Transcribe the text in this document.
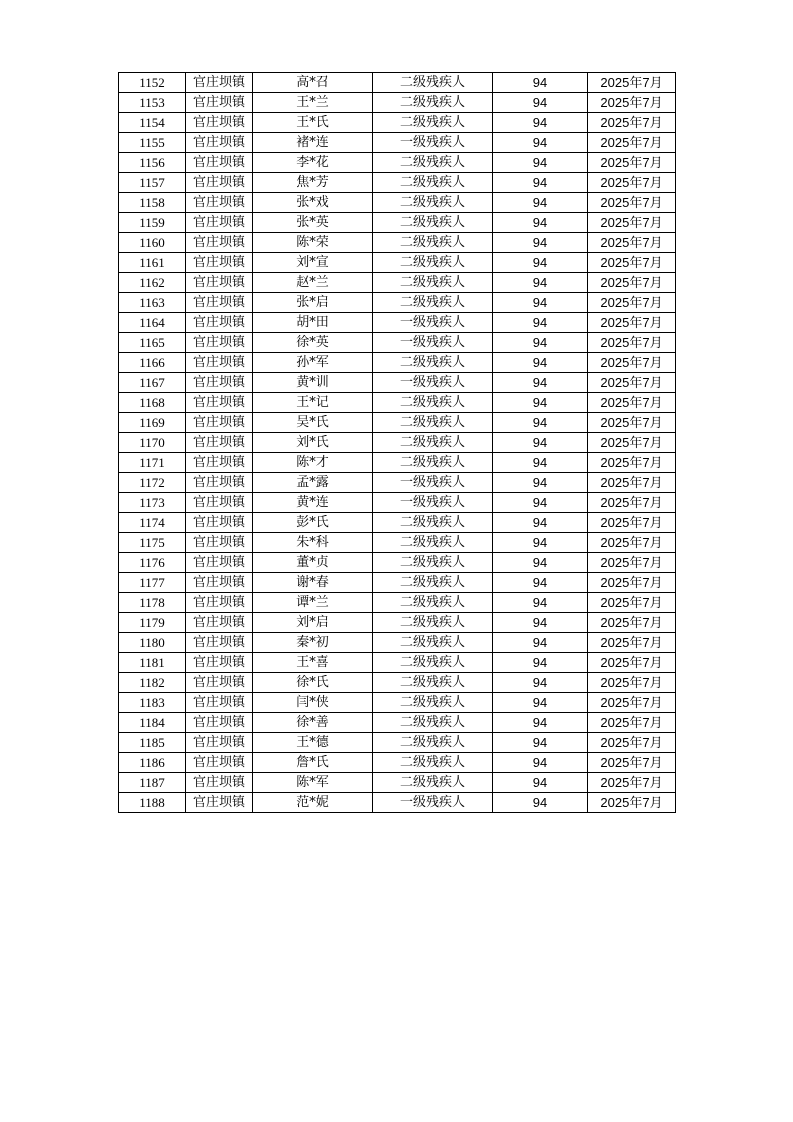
1152	官庄坝镇	高*召	二级残疾人	94	2025年7月
1153	官庄坝镇	王*兰	二级残疾人	94	2025年7月
1154	官庄坝镇	王*氏	二级残疾人	94	2025年7月
1155	官庄坝镇	褚*连	一级残疾人	94	2025年7月
1156	官庄坝镇	李*花	二级残疾人	94	2025年7月
1157	官庄坝镇	焦*芳	二级残疾人	94	2025年7月
1158	官庄坝镇	张*戏	二级残疾人	94	2025年7月
1159	官庄坝镇	张*英	二级残疾人	94	2025年7月
1160	官庄坝镇	陈*荣	二级残疾人	94	2025年7月
1161	官庄坝镇	刘*宣	二级残疾人	94	2025年7月
1162	官庄坝镇	赵*兰	二级残疾人	94	2025年7月
1163	官庄坝镇	张*启	二级残疾人	94	2025年7月
1164	官庄坝镇	胡*田	一级残疾人	94	2025年7月
1165	官庄坝镇	徐*英	一级残疾人	94	2025年7月
1166	官庄坝镇	孙*军	二级残疾人	94	2025年7月
1167	官庄坝镇	黄*训	一级残疾人	94	2025年7月
1168	官庄坝镇	王*记	二级残疾人	94	2025年7月
1169	官庄坝镇	吴*氏	二级残疾人	94	2025年7月
1170	官庄坝镇	刘*氏	二级残疾人	94	2025年7月
1171	官庄坝镇	陈*才	二级残疾人	94	2025年7月
1172	官庄坝镇	孟*露	一级残疾人	94	2025年7月
1173	官庄坝镇	黄*连	一级残疾人	94	2025年7月
1174	官庄坝镇	彭*氏	二级残疾人	94	2025年7月
1175	官庄坝镇	朱*科	二级残疾人	94	2025年7月
1176	官庄坝镇	董*贞	二级残疾人	94	2025年7月
1177	官庄坝镇	谢*春	二级残疾人	94	2025年7月
1178	官庄坝镇	谭*兰	二级残疾人	94	2025年7月
1179	官庄坝镇	刘*启	二级残疾人	94	2025年7月
1180	官庄坝镇	秦*初	二级残疾人	94	2025年7月
1181	官庄坝镇	王*喜	二级残疾人	94	2025年7月
1182	官庄坝镇	徐*氏	二级残疾人	94	2025年7月
1183	官庄坝镇	闫*侠	二级残疾人	94	2025年7月
1184	官庄坝镇	徐*善	二级残疾人	94	2025年7月
1185	官庄坝镇	王*德	二级残疾人	94	2025年7月
1186	官庄坝镇	詹*氏	二级残疾人	94	2025年7月
1187	官庄坝镇	陈*军	二级残疾人	94	2025年7月
1188	官庄坝镇	范*妮	一级残疾人	94	2025年7月
